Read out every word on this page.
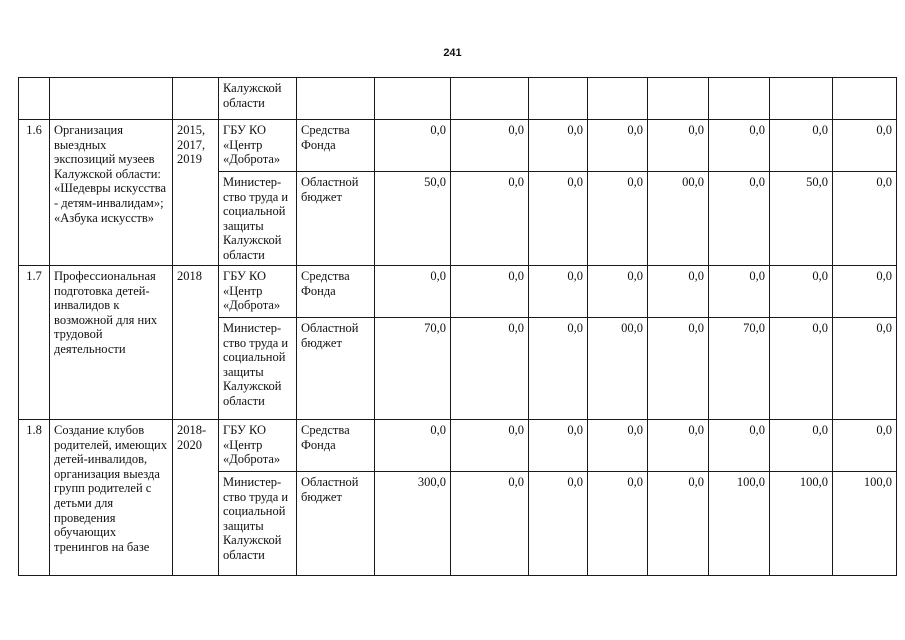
241
			Калужской области									
1.6	Организация выездных экспозиций музеев Калужской области: «Шедевры искусства - детям-инвалидам»; «Азбука искусств»	2015, 2017, 2019	ГБУ КО «Центр «Доброта»	Средства Фонда	0,0	0,0	0,0	0,0	0,0	0,0	0,0	0,0
			Министер-ство труда и социальной защиты Калужской области	Областной бюджет	50,0	0,0	0,0	0,0	00,0	0,0	50,0	0,0
1.7	Профессиональная подготовка детей-инвалидов к возможной для них трудовой деятельности	2018	ГБУ КО «Центр «Доброта»	Средства Фонда	0,0	0,0	0,0	0,0	0,0	0,0	0,0	0,0
			Министер-ство труда и социальной защиты Калужской области	Областной бюджет	70,0	0,0	0,0	00,0	0,0	70,0	0,0	0,0
1.8	Создание клубов родителей, имеющих детей-инвалидов, организация выезда групп родителей с детьми для проведения обучающих тренингов на базе	2018-2020	ГБУ КО «Центр «Доброта»	Средства Фонда	0,0	0,0	0,0	0,0	0,0	0,0	0,0	0,0
			Министер-ство труда и социальной защиты Калужской области	Областной бюджет	300,0	0,0	0,0	0,0	0,0	100,0	100,0	100,0
